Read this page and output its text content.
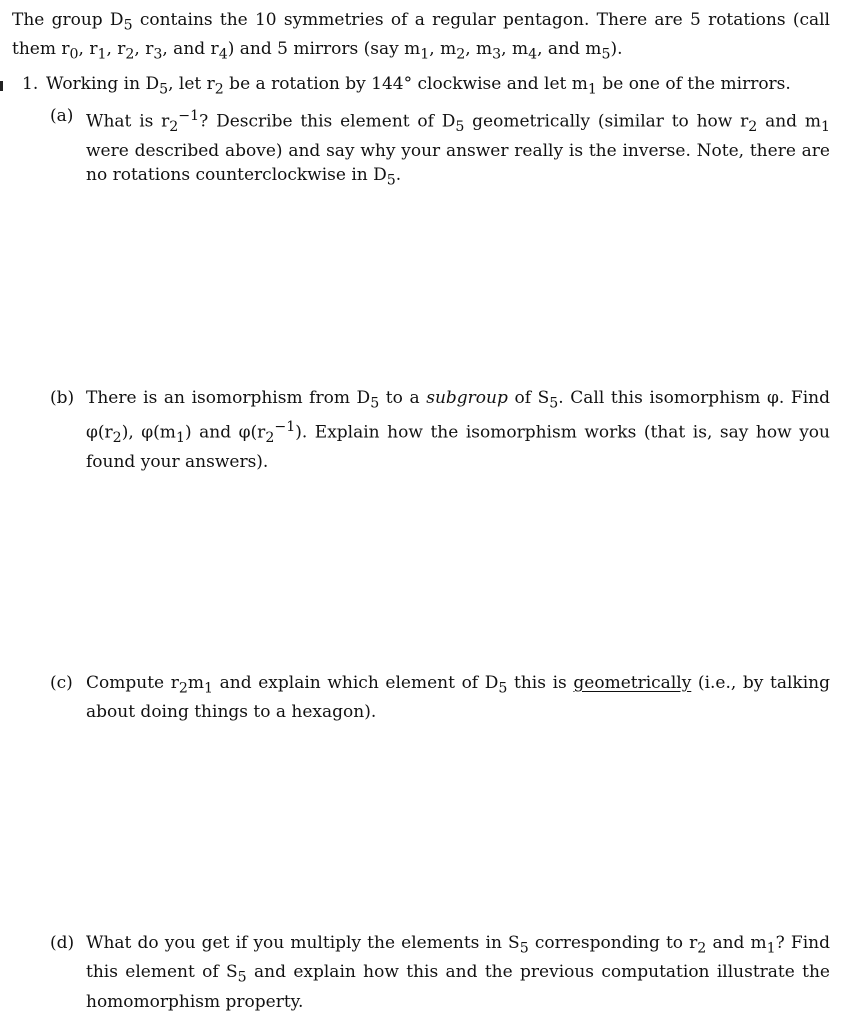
The group $D_5$ contains the 10 symmetries of a regular pentagon. There are 5 rotations (call them $r_0$, $r_1$, $r_2$, $r_3$, and $r_4$) and 5 mirrors (say $m_1$, $m_2$, $m_3$, $m_4$, and $m_5$).

1. Working in $D_5$, let $r_2$ be a rotation by 144° clockwise and let $m_1$ be one of the mirrors.
(a) What is $r_2^{-1}$? Describe this element of $D_5$ geometrically (similar to how $r_2$ and $m_1$ were described above) and say why your answer really is the inverse. Note, there are no rotations counterclockwise in $D_5$.
(b) There is an isomorphism from $D_5$ to a subgroup of $S_5$. Call this isomorphism φ. Find $\varphi(r_2)$, $\varphi(m_1)$ and $\varphi(r_2^{-1})$. Explain how the isomorphism works (that is, say how you found your answers).
(c) Compute $r_2m_1$ and explain which element of $D_5$ this is geometrically (i.e., by talking about doing things to a hexagon).
(d) What do you get if you multiply the elements in $S_5$ corresponding to $r_2$ and $m_1$? Find this element of $S_5$ and explain how this and the previous computation illustrate the homomorphism property.
